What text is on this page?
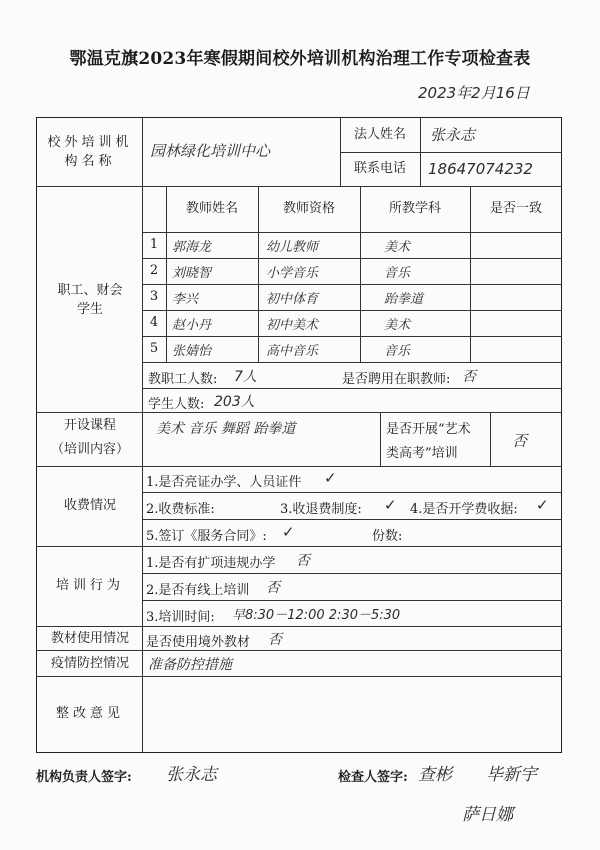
鄂温克旗2023年寒假期间校外培训机构治理工作专项检查表
2023年2月16日
校外培训机构名称
园林绿化培训中心
法人姓名	张永志
联系电话	18647074232
职工、财会学生
教师姓名	教师资格	所教学科	是否一致
1	郭海龙	幼儿教师	美术
2	刘晓智	小学音乐	音乐
3	李兴	初中体育	跆拳道
4	赵小丹	初中美术	美术
5	张婧怡	高中音乐	音乐
教职工人数: 7人	是否聘用在职教师: 否
学生人数: 203人
开设课程
（培训内容）
美术 音乐 舞蹈 跆拳道	是否开展“艺术
类高考”培训
否
收费情况
1.是否亮证办学、人员证件 ✓
2.收费标准:	3.收退费制度: ✓ 4.是否开学费收据: ✓
5.签订《服务合同》: ✓	份数:
培训行为
1.是否有扩项违规办学 否
2.是否有线上培训 否
3.培训时间: 早8:30－12:00 2:30－5:30
教材使用情况	是否使用境外教材 否
疫情防控情况	准备防控措施
整改意见
机构负责人签字: 张永志	检查人签字: 查彬 毕新宇
萨日娜
